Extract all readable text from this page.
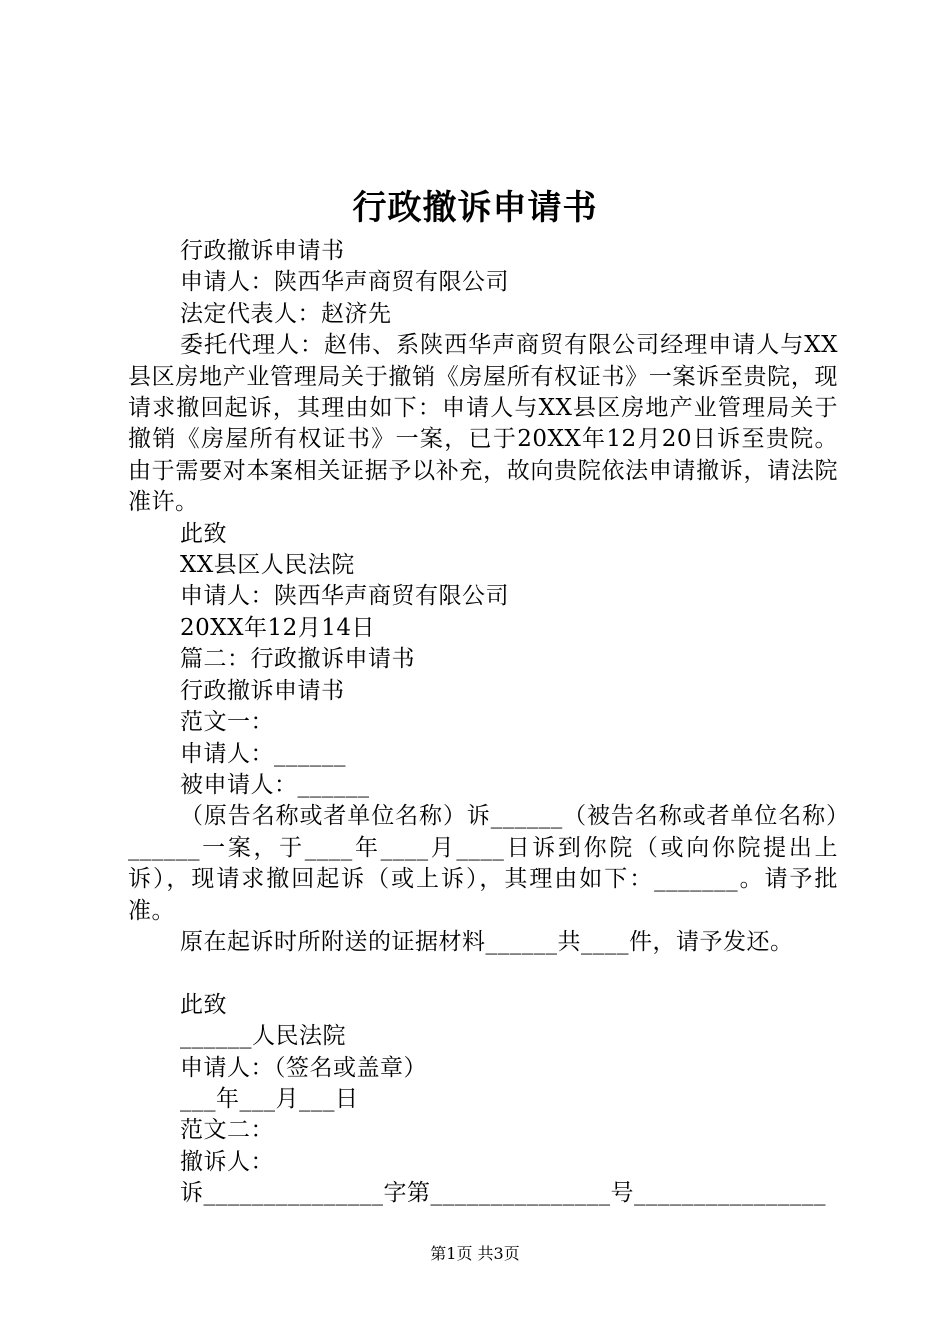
行政撤诉申请书
行政撤诉申请书
申请人：陕西华声商贸有限公司
法定代表人：赵济先
委托代理人：赵伟、系陕西华声商贸有限公司经理申请人与XX县区房地产业管理局关于撤销《房屋所有权证书》一案诉至贵院，现请求撤回起诉，其理由如下：申请人与XX县区房地产业管理局关于撤销《房屋所有权证书》一案，已于20XX年12月20日诉至贵院。由于需要对本案相关证据予以补充，故向贵院依法申请撤诉，请法院准许。
此致
XX县区人民法院
申请人：陕西华声商贸有限公司
20XX年12月14日
篇二：行政撤诉申请书
行政撤诉申请书
范文一：
申请人：______
被申请人：______
（原告名称或者单位名称）诉______（被告名称或者单位名称）______一案，于____年____月____日诉到你院（或向你院提出上诉），现请求撤回起诉（或上诉），其理由如下：_______。请予批准。
原在起诉时所附送的证据材料______共____件，请予发还。
此致
______人民法院
申请人：（签名或盖章）
___年___月___日
范文二：
撤诉人：
诉_______________字第_______________号________________
第1页 共3页
